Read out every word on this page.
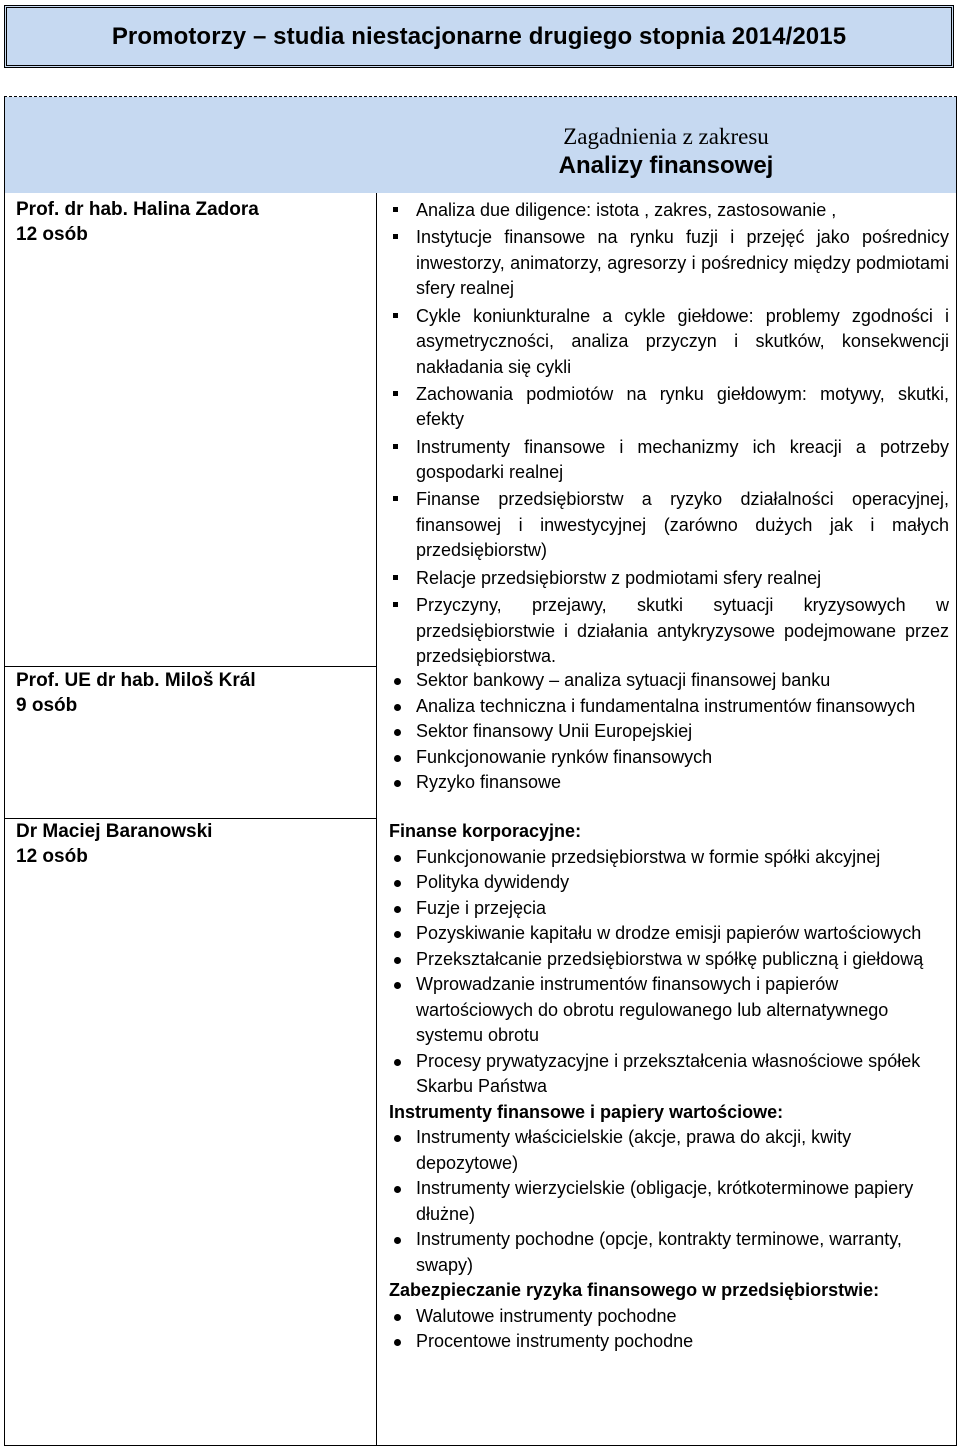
Promotorzy – studia niestacjonarne drugiego stopnia 2014/2015
Zagadnienia z zakresu
Analizy finansowej
Prof. dr hab. Halina Zadora
12 osób
Analiza due diligence: istota , zakres, zastosowanie ,
Instytucje finansowe na rynku fuzji i przejęć jako pośrednicy inwestorzy, animatorzy, agresorzy i pośrednicy między podmiotami sfery realnej
Cykle koniunkturalne a cykle giełdowe: problemy zgodności i asymetryczności, analiza przyczyn i skutków, konsekwencji nakładania się cykli
Zachowania podmiotów na rynku giełdowym: motywy, skutki, efekty
Instrumenty finansowe i mechanizmy ich kreacji a potrzeby gospodarki realnej
Finanse przedsiębiorstw a ryzyko działalności operacyjnej, finansowej i inwestycyjnej (zarówno dużych jak i małych przedsiębiorstw)
Relacje przedsiębiorstw z podmiotami sfery realnej
Przyczyny, przejawy, skutki sytuacji kryzysowych w przedsiębiorstwie i działania antykryzysowe podejmowane przez przedsiębiorstwa.
Prof. UE dr hab. Miloš Král
9 osób
Sektor bankowy – analiza sytuacji finansowej banku
Analiza techniczna i fundamentalna instrumentów finansowych
Sektor finansowy Unii Europejskiej
Funkcjonowanie rynków finansowych
Ryzyko finansowe
Dr Maciej Baranowski
12 osób
Finanse korporacyjne:
Funkcjonowanie przedsiębiorstwa w formie spółki akcyjnej
Polityka dywidendy
Fuzje i przejęcia
Pozyskiwanie kapitału w drodze emisji papierów wartościowych
Przekształcanie przedsiębiorstwa w spółkę publiczną i giełdową
Wprowadzanie instrumentów finansowych i papierów wartościowych do obrotu regulowanego lub alternatywnego systemu obrotu
Procesy prywatyzacyjne i przekształcenia własnościowe spółek Skarbu Państwa
Instrumenty finansowe i papiery wartościowe:
Instrumenty właścicielskie (akcje, prawa do akcji, kwity depozytowe)
Instrumenty wierzycielskie (obligacje, krótkoterminowe papiery dłużne)
Instrumenty pochodne (opcje, kontrakty terminowe, warranty, swapy)
Zabezpieczanie ryzyka finansowego w przedsiębiorstwie:
Walutowe instrumenty pochodne
Procentowe instrumenty pochodne
